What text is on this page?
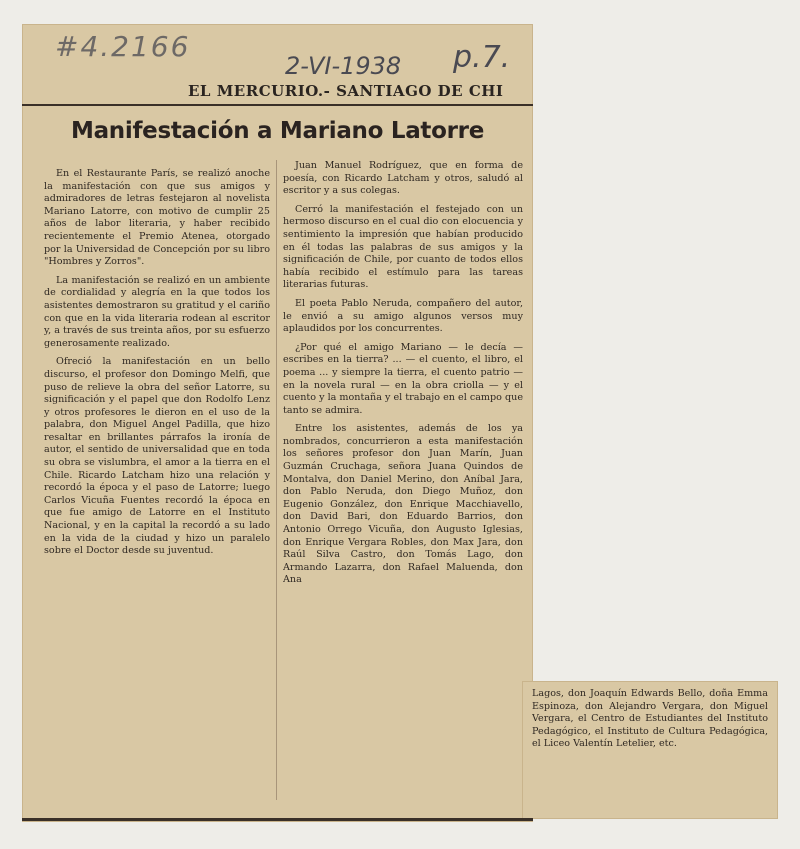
#4.2166
2-VI-1938 p.7.
EL MERCURIO.- SANTIAGO DE CHI
Manifestación a Mariano Latorre

En el Restaurante París, se realizó anoche la manifestación con que sus amigos y admiradores de letras festejaron al novelista Mariano Latorre, con motivo de cumplir 25 años de labor literaria, y haber recibido recientemente el Premio Atenea, otorgado por la Universidad de Concepción por su libro "Hombres y Zorros".

La manifestación se realizó en un ambiente de cordialidad y alegría en la que todos los asistentes demostraron su gratitud y el cariño con que en la vida literaria rodean al escritor y, a través de sus treinta años, por su esfuerzo generosamente realizado.

Ofreció la manifestación en un bello discurso, el profesor don Domingo Melfi, que puso de relieve la obra del señor Latorre, su significación y el papel que don Rodolfo Lenz y otros profesores le dieron en el uso de la palabra, don Miguel Angel Padilla, que hizo resaltar en brillantes párrafos la ironía de autor, el sentido de universalidad que en toda su obra se vislumbra, el amor a la tierra en el Chile. Ricardo Latcham hizo una relación y recordó la época y el paso de Latorre; luego Carlos Vicuña Fuentes recordó la época en que fue amigo de Latorre en el Instituto Nacional, y en la capital la recordó a su lado en la vida de la ciudad y hizo un paralelo sobre el Doctor desde su juventud.

Juan Manuel Rodríguez, que en forma de poesía, con Ricardo Latcham y otros, saludó al escritor y a sus colegas.

Cerró la manifestación el festejado con un hermoso discurso en el cual dio con elocuencia y sentimiento la impresión que habían producido en él todas las palabras de sus amigos y la significación de Chile, por cuanto de todos ellos había recibido el estímulo para las tareas literarias futuras.

El poeta Pablo Neruda, compañero del autor, le envió a su amigo algunos versos muy aplaudidos por los concurrentes.

¿Por qué el amigo Mariano — le decía — escribes en la tierra? ... — el cuento, el libro, el poema ... y siempre la tierra, el cuento patrio — en la novela rural — en la obra criolla — y el cuento y la montaña y el trabajo en el campo que tanto se admira.

Entre los asistentes, además de los ya nombrados, concurrieron a esta manifestación los señores profesor don Juan Marín, Juan Guzmán Cruchaga, señora Juana Quindos de Montalva, don Daniel Merino, don Aníbal Jara, don Pablo Neruda, don Diego Muñoz, don Eugenio González, don Enrique Macchiavello, don David Bari, don Eduardo Barrios, don Antonio Orrego Vicuña, don Augusto Iglesias, don Enrique Vergara Robles, don Max Jara, don Raúl Silva Castro, don Tomás Lago, don Armando Lazarra, don Rafael Maluenda, don Ana

Lagos, don Joaquín Edwards Bello, doña Emma Espinoza, don Alejandro Vergara, don Miguel Vergara, el Centro de Estudiantes del Instituto Pedagógico, el Instituto de Cultura Pedagógica, el Liceo Valentín Letelier, etc.
